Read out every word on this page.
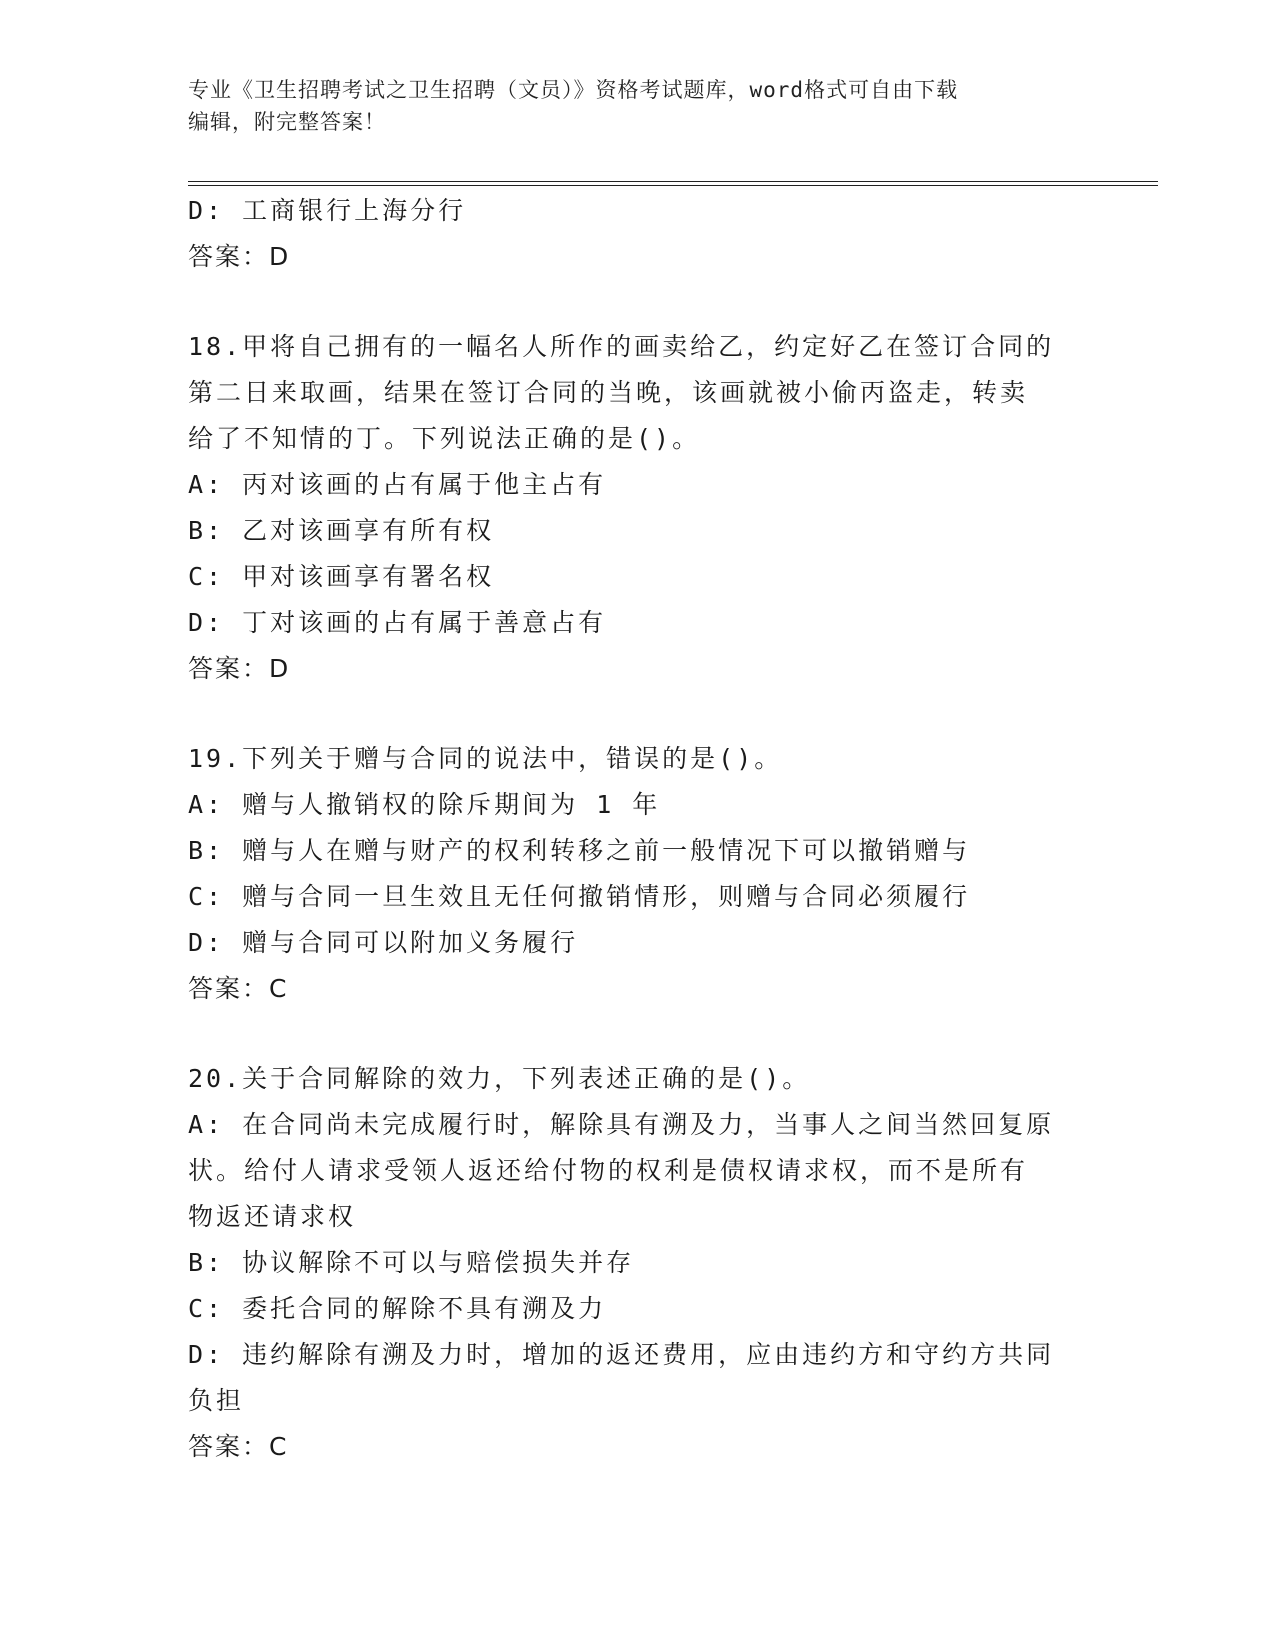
专业《卫生招聘考试之卫生招聘（文员）》资格考试题库，word格式可自由下载
编辑，附完整答案！
D: 工商银行上海分行
答案：D
18.甲将自己拥有的一幅名人所作的画卖给乙，约定好乙在签订合同的
第二日来取画，结果在签订合同的当晚，该画就被小偷丙盗走，转卖
给了不知情的丁。下列说法正确的是()。
A: 丙对该画的占有属于他主占有
B: 乙对该画享有所有权
C: 甲对该画享有署名权
D: 丁对该画的占有属于善意占有
答案：D
19.下列关于赠与合同的说法中，错误的是()。
A: 赠与人撤销权的除斥期间为 1 年
B: 赠与人在赠与财产的权利转移之前一般情况下可以撤销赠与
C: 赠与合同一旦生效且无任何撤销情形，则赠与合同必须履行
D: 赠与合同可以附加义务履行
答案：C
20.关于合同解除的效力，下列表述正确的是()。
A: 在合同尚未完成履行时，解除具有溯及力，当事人之间当然回复原
状。给付人请求受领人返还给付物的权利是债权请求权，而不是所有
物返还请求权
B: 协议解除不可以与赔偿损失并存
C: 委托合同的解除不具有溯及力
D: 违约解除有溯及力时，增加的返还费用，应由违约方和守约方共同
负担
答案：C
